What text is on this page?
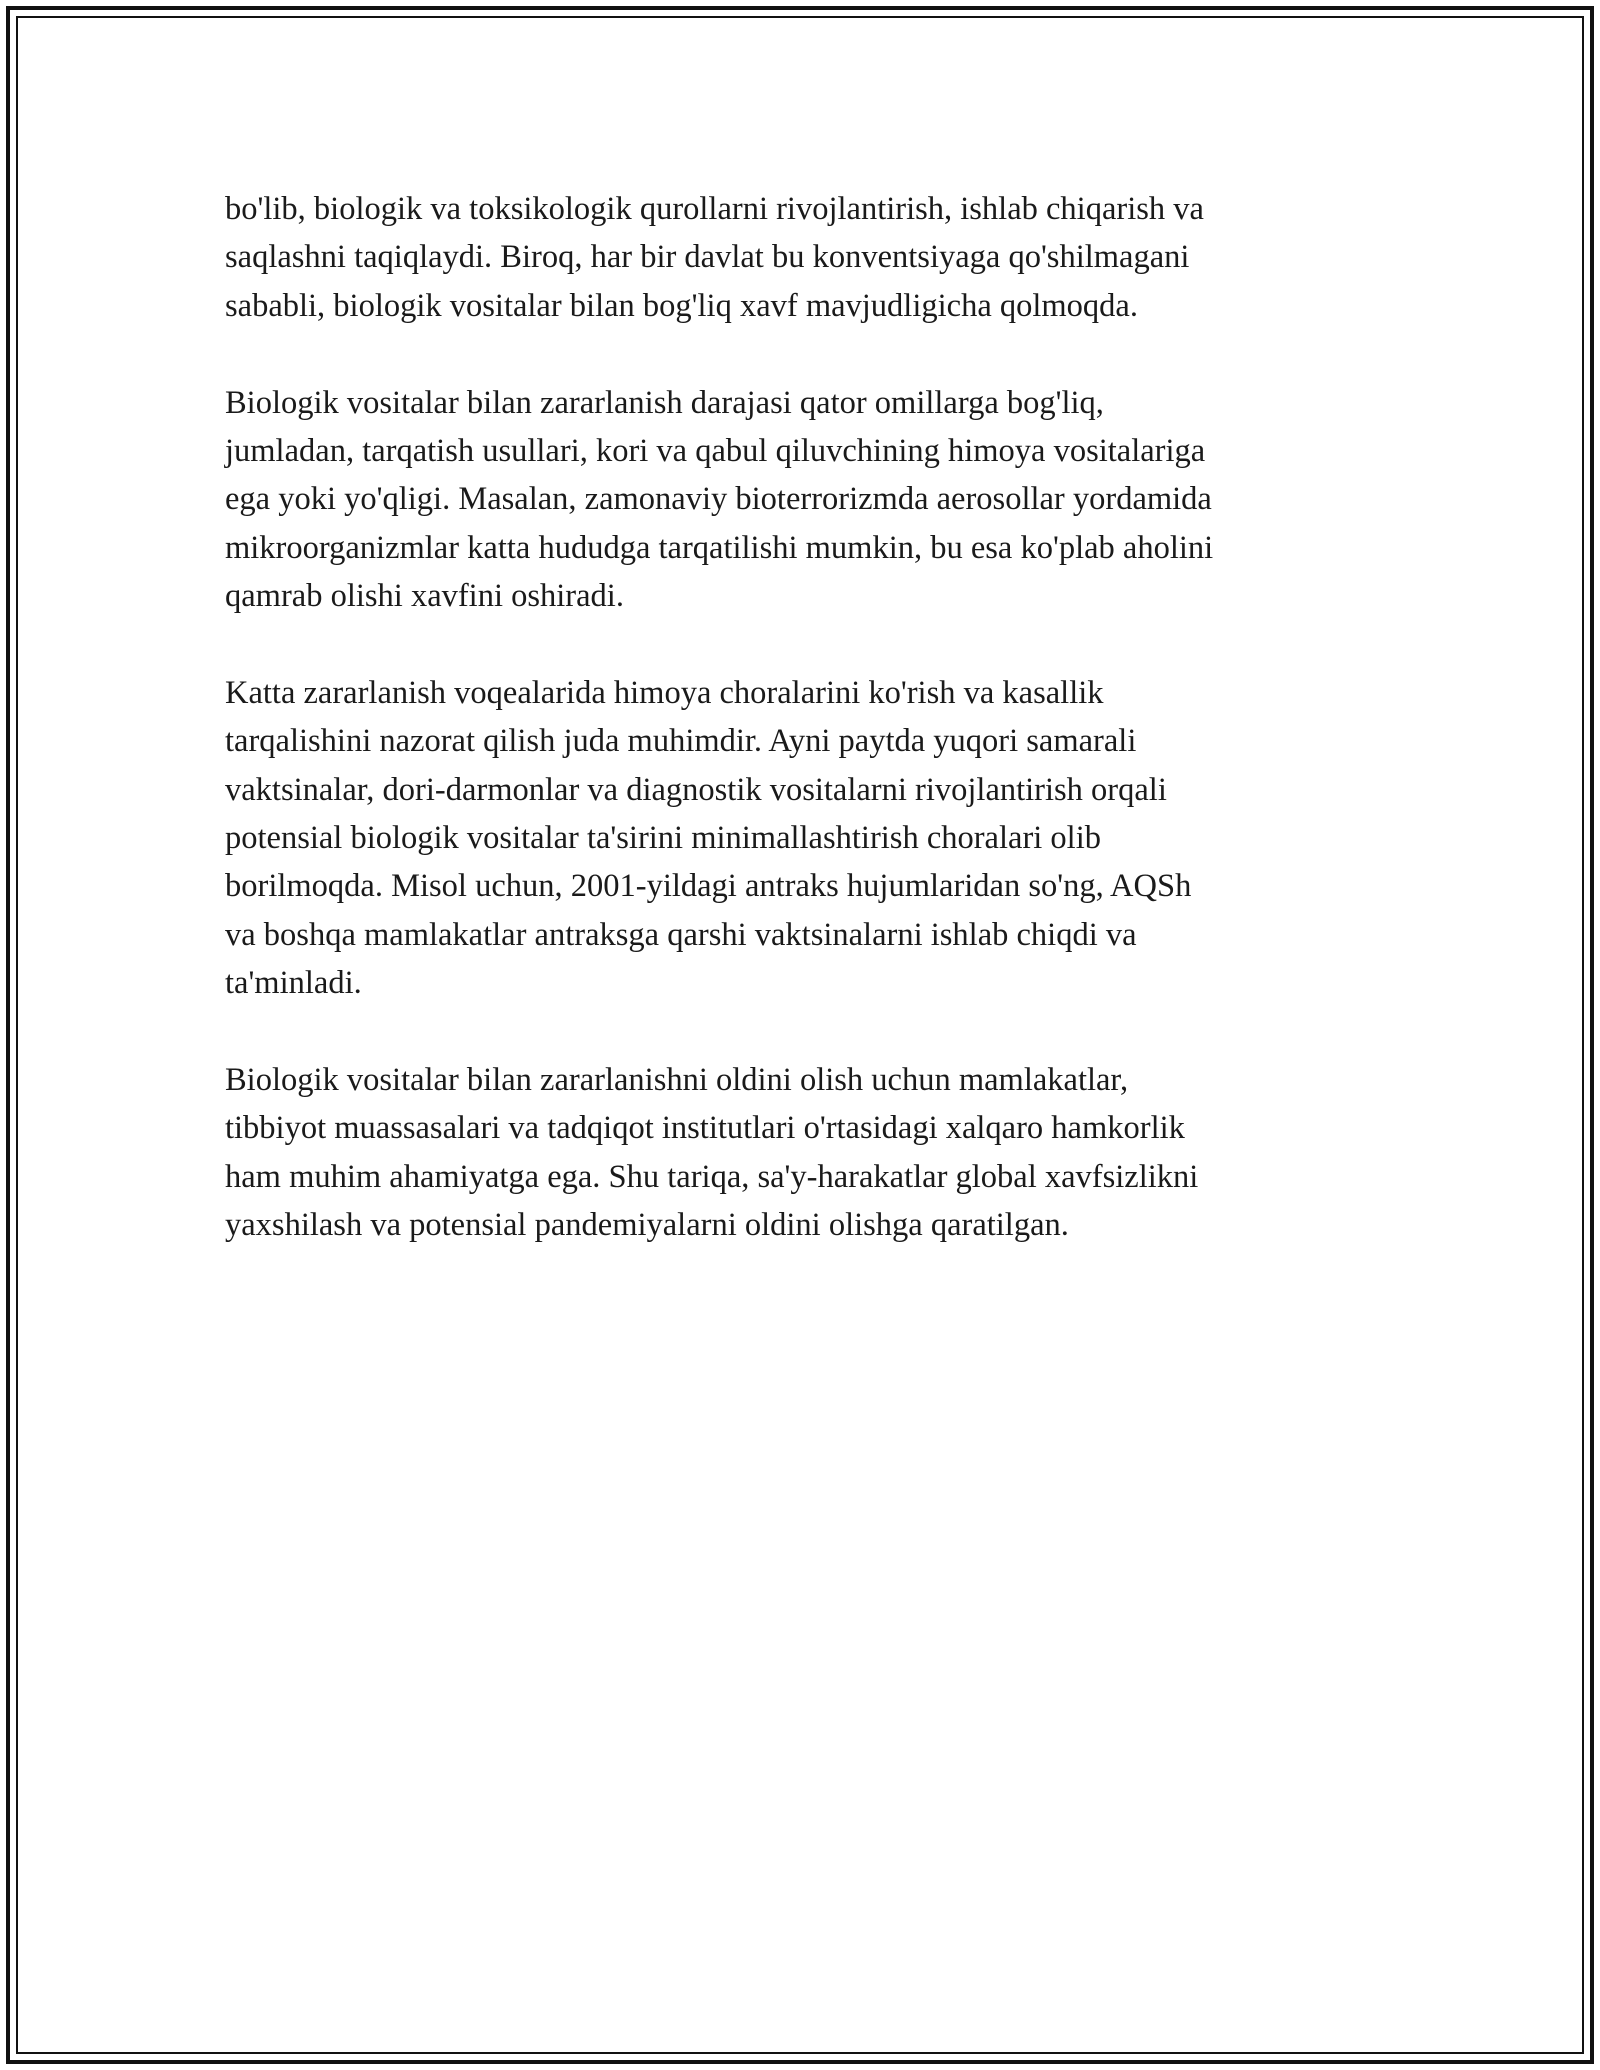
bo'lib, biologik va toksikologik qurollarni rivojlantirish, ishlab chiqarish va
saqlashni taqiqlaydi. Biroq, har bir davlat bu konventsiyaga qo'shilmagani
sababli, biologik vositalar bilan bog'liq xavf mavjudligicha qolmoqda.
Biologik vositalar bilan zararlanish darajasi qator omillarga bog'liq,
jumladan, tarqatish usullari, kori va qabul qiluvchining himoya vositalariga
ega yoki yo'qligi. Masalan, zamonaviy bioterrorizmda aerosollar yordamida
mikroorganizmlar katta hududga tarqatilishi mumkin, bu esa ko'plab aholini
qamrab olishi xavfini oshiradi.
Katta zararlanish voqealarida himoya choralarini ko'rish va kasallik
tarqalishini nazorat qilish juda muhimdir. Ayni paytda yuqori samarali
vaktsinalar, dori-darmonlar va diagnostik vositalarni rivojlantirish orqali
potensial biologik vositalar ta'sirini minimallashtirish choralari olib
borilmoqda. Misol uchun, 2001-yildagi antraks hujumlaridan so'ng, AQSh
va boshqa mamlakatlar antraksga qarshi vaktsinalarni ishlab chiqdi va
ta'minladi.
Biologik vositalar bilan zararlanishni oldini olish uchun mamlakatlar,
tibbiyot muassasalari va tadqiqot institutlari o'rtasidagi xalqaro hamkorlik
ham muhim ahamiyatga ega. Shu tariqa, sa'y-harakatlar global xavfsizlikni
yaxshilash va potensial pandemiyalarni oldini olishga qaratilgan.
